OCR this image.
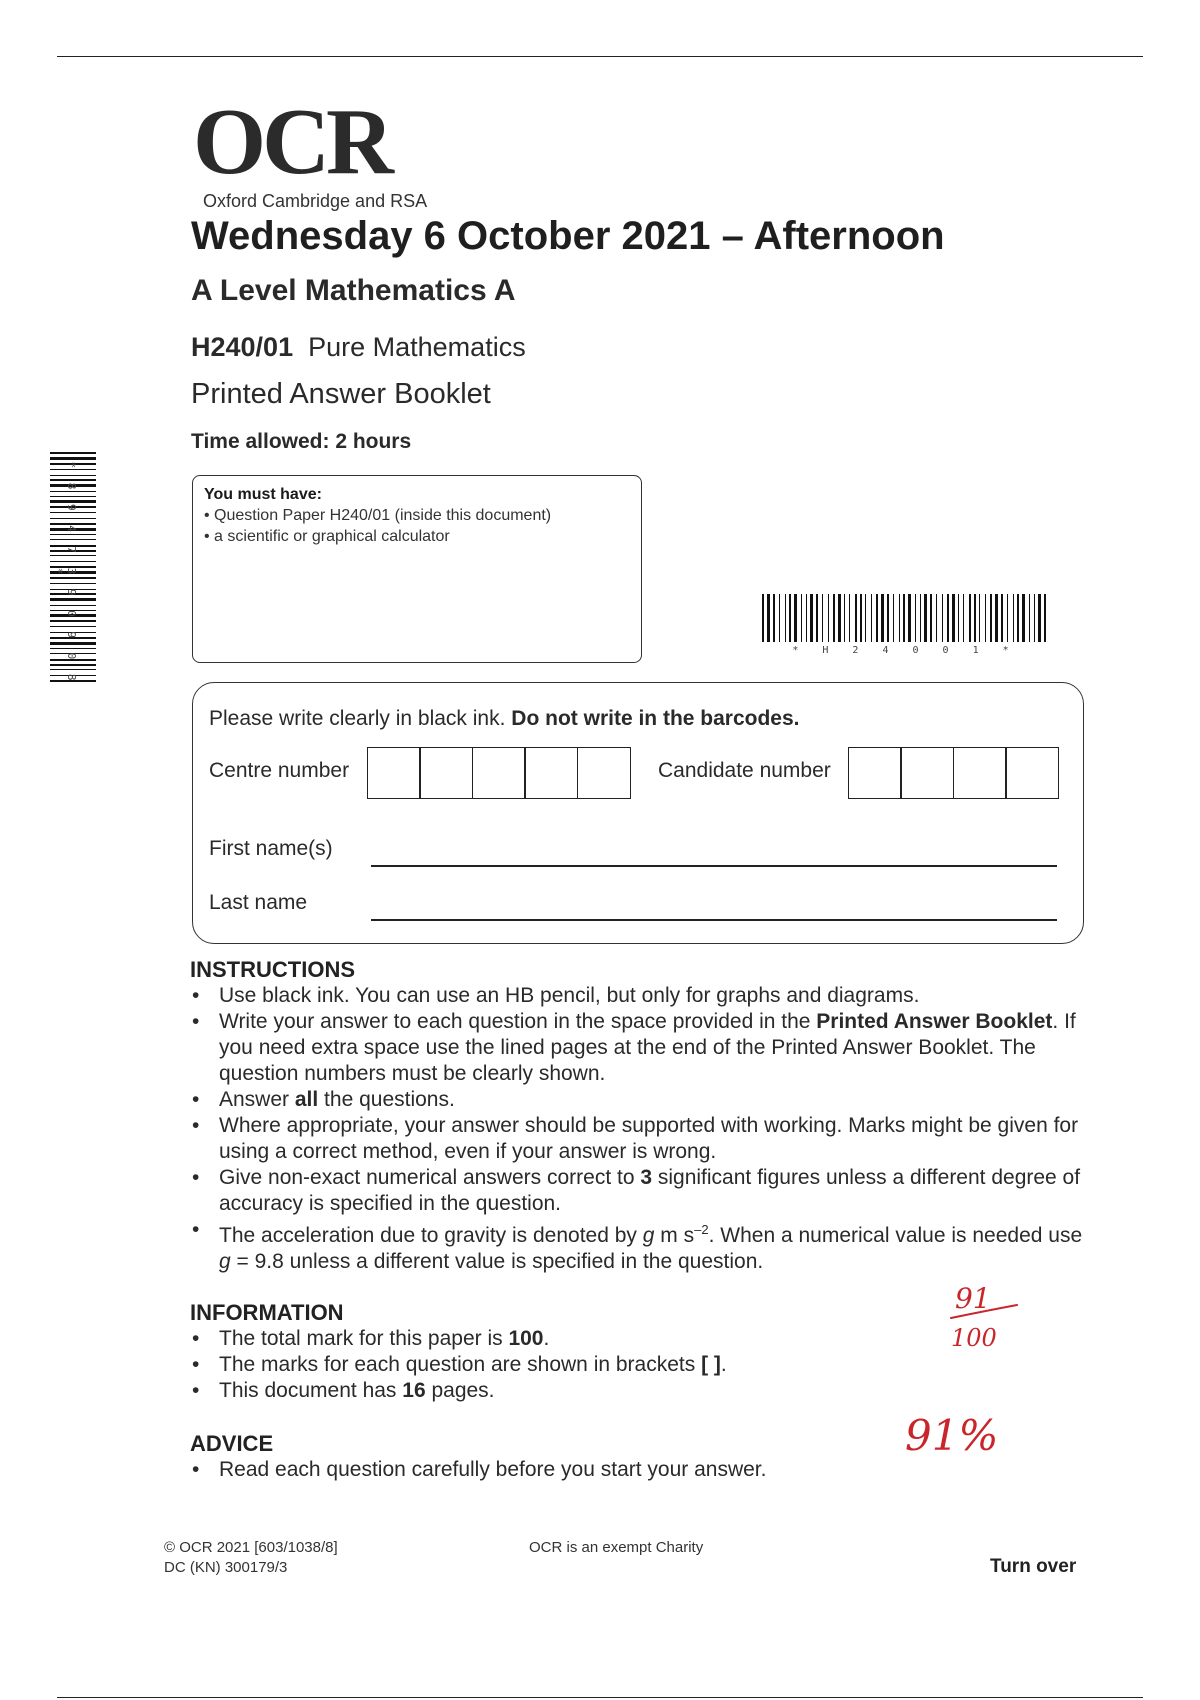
OCR
Oxford Cambridge and RSA
Wednesday 6 October 2021 – Afternoon
A Level Mathematics A
H240/01 Pure Mathematics
Printed Answer Booklet
Time allowed: 2 hours
* 8 9 4 7 3 9 0 9 0 8 *
You must have:
• Question Paper H240/01 (inside this document)
• a scientific or graphical calculator
* H 2 4 0 0 1 *
Please write clearly in black ink. Do not write in the barcodes.
Centre number	Candidate number
First name(s)
Last name
INSTRUCTIONS
• Use black ink. You can use an HB pencil, but only for graphs and diagrams.
• Write your answer to each question in the space provided in the Printed Answer Booklet. If you need extra space use the lined pages at the end of the Printed Answer Booklet. The question numbers must be clearly shown.
• Answer all the questions.
• Where appropriate, your answer should be supported with working. Marks might be given for using a correct method, even if your answer is wrong.
• Give non-exact numerical answers correct to 3 significant figures unless a different degree of accuracy is specified in the question.
• The acceleration due to gravity is denoted by g m $s^{-2}$. When a numerical value is needed use g = 9.8 unless a different value is specified in the question.
INFORMATION
• The total mark for this paper is 100.
• The marks for each question are shown in brackets [ ].
• This document has 16 pages.
ADVICE
• Read each question carefully before you start your answer.
91
100
91%
© OCR 2021 [603/1038/8]
DC (KN) 300179/3
OCR is an exempt Charity
Turn over
